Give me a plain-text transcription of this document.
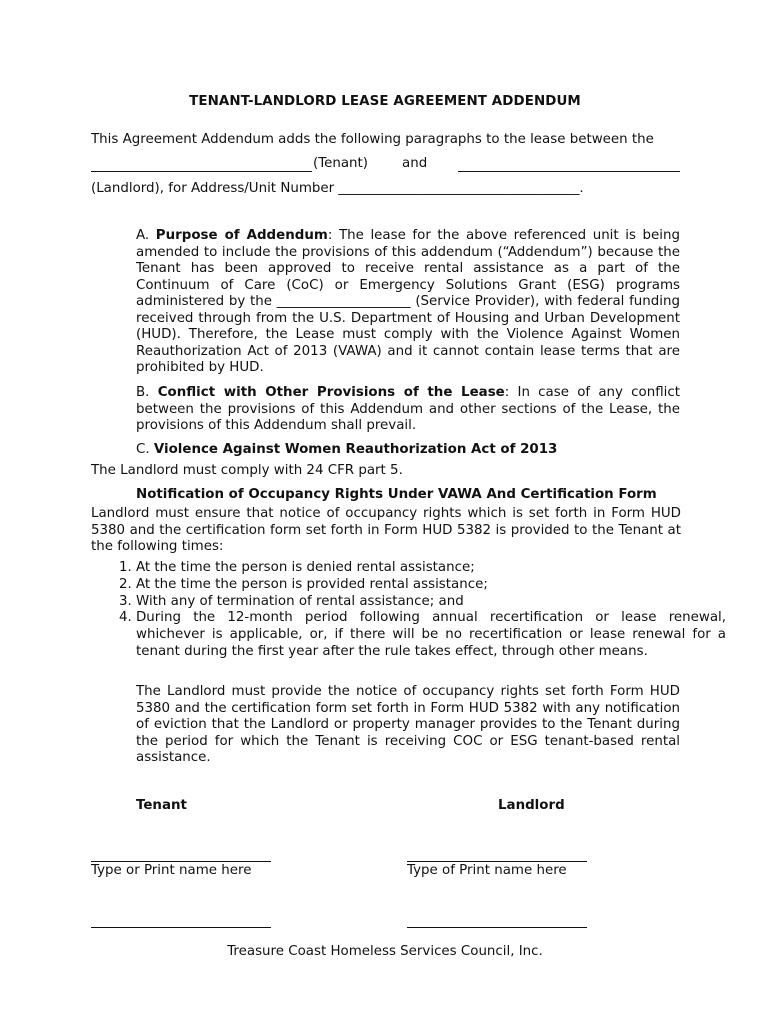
TENANT-LANDLORD LEASE AGREEMENT ADDENDUM
This Agreement Addendum adds the following paragraphs to the lease between the
(Tenant)	and
(Landlord), for Address/Unit Number ____________________________________.
A. Purpose of Addendum: The lease for the above referenced unit is being amended to include the provisions of this addendum (“Addendum”) because the Tenant has been approved to receive rental assistance as a part of the Continuum of Care (CoC) or Emergency Solutions Grant (ESG) programs administered by the ____________________ (Service Provider), with federal funding received through from the U.S. Department of Housing and Urban Development (HUD). Therefore, the Lease must comply with the Violence Against Women Reauthorization Act of 2013 (VAWA) and it cannot contain lease terms that are prohibited by HUD.
B. Conflict with Other Provisions of the Lease: In case of any conflict between the provisions of this Addendum and other sections of the Lease, the provisions of this Addendum shall prevail.
C. Violence Against Women Reauthorization Act of 2013
The Landlord must comply with 24 CFR part 5.
Notification of Occupancy Rights Under VAWA And Certification Form
Landlord must ensure that notice of occupancy rights which is set forth in Form HUD 5380 and the certification form set forth in Form HUD 5382 is provided to the Tenant at the following times:
1. At the time the person is denied rental assistance;
2. At the time the person is provided rental assistance;
3. With any of termination of rental assistance; and
4. During the 12-month period following annual recertification or lease renewal, whichever is applicable, or, if there will be no recertification or lease renewal for a tenant during the first year after the rule takes effect, through other means.
The Landlord must provide the notice of occupancy rights set forth Form HUD 5380 and the certification form set forth in Form HUD 5382 with any notification of eviction that the Landlord or property manager provides to the Tenant during the period for which the Tenant is receiving COC or ESG tenant-based rental assistance.
Tenant	Landlord
Type or Print name here	Type of Print name here
Treasure Coast Homeless Services Council, Inc.
